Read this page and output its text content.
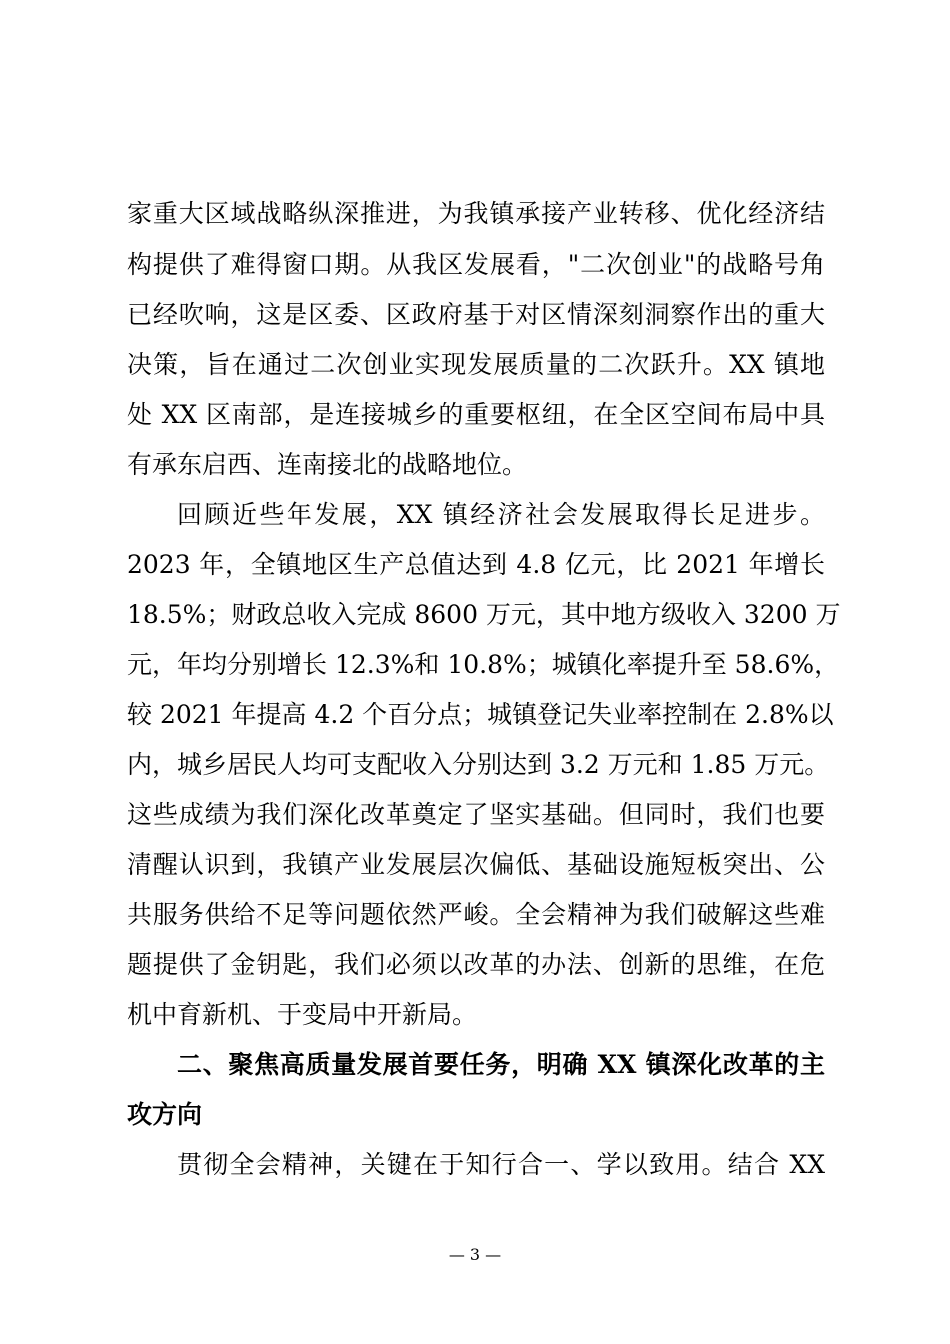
家重大区域战略纵深推进，为我镇承接产业转移、优化经济结
构提供了难得窗口期。从我区发展看，"二次创业"的战略号角
已经吹响，这是区委、区政府基于对区情深刻洞察作出的重大
决策，旨在通过二次创业实现发展质量的二次跃升。XX 镇地
处 XX 区南部，是连接城乡的重要枢纽，在全区空间布局中具
有承东启西、连南接北的战略地位。
回顾近些年发展，XX 镇经济社会发展取得长足进步。
2023 年，全镇地区生产总值达到 4.8 亿元，比 2021 年增长
18.5%；财政总收入完成 8600 万元，其中地方级收入 3200 万
元，年均分别增长 12.3%和 10.8%；城镇化率提升至 58.6%，
较 2021 年提高 4.2 个百分点；城镇登记失业率控制在 2.8%以
内，城乡居民人均可支配收入分别达到 3.2 万元和 1.85 万元。
这些成绩为我们深化改革奠定了坚实基础。但同时，我们也要
清醒认识到，我镇产业发展层次偏低、基础设施短板突出、公
共服务供给不足等问题依然严峻。全会精神为我们破解这些难
题提供了金钥匙，我们必须以改革的办法、创新的思维，在危
机中育新机、于变局中开新局。
二、聚焦高质量发展首要任务，明确 XX 镇深化改革的主
攻方向
贯彻全会精神，关键在于知行合一、学以致用。结合 XX
— 3 —
